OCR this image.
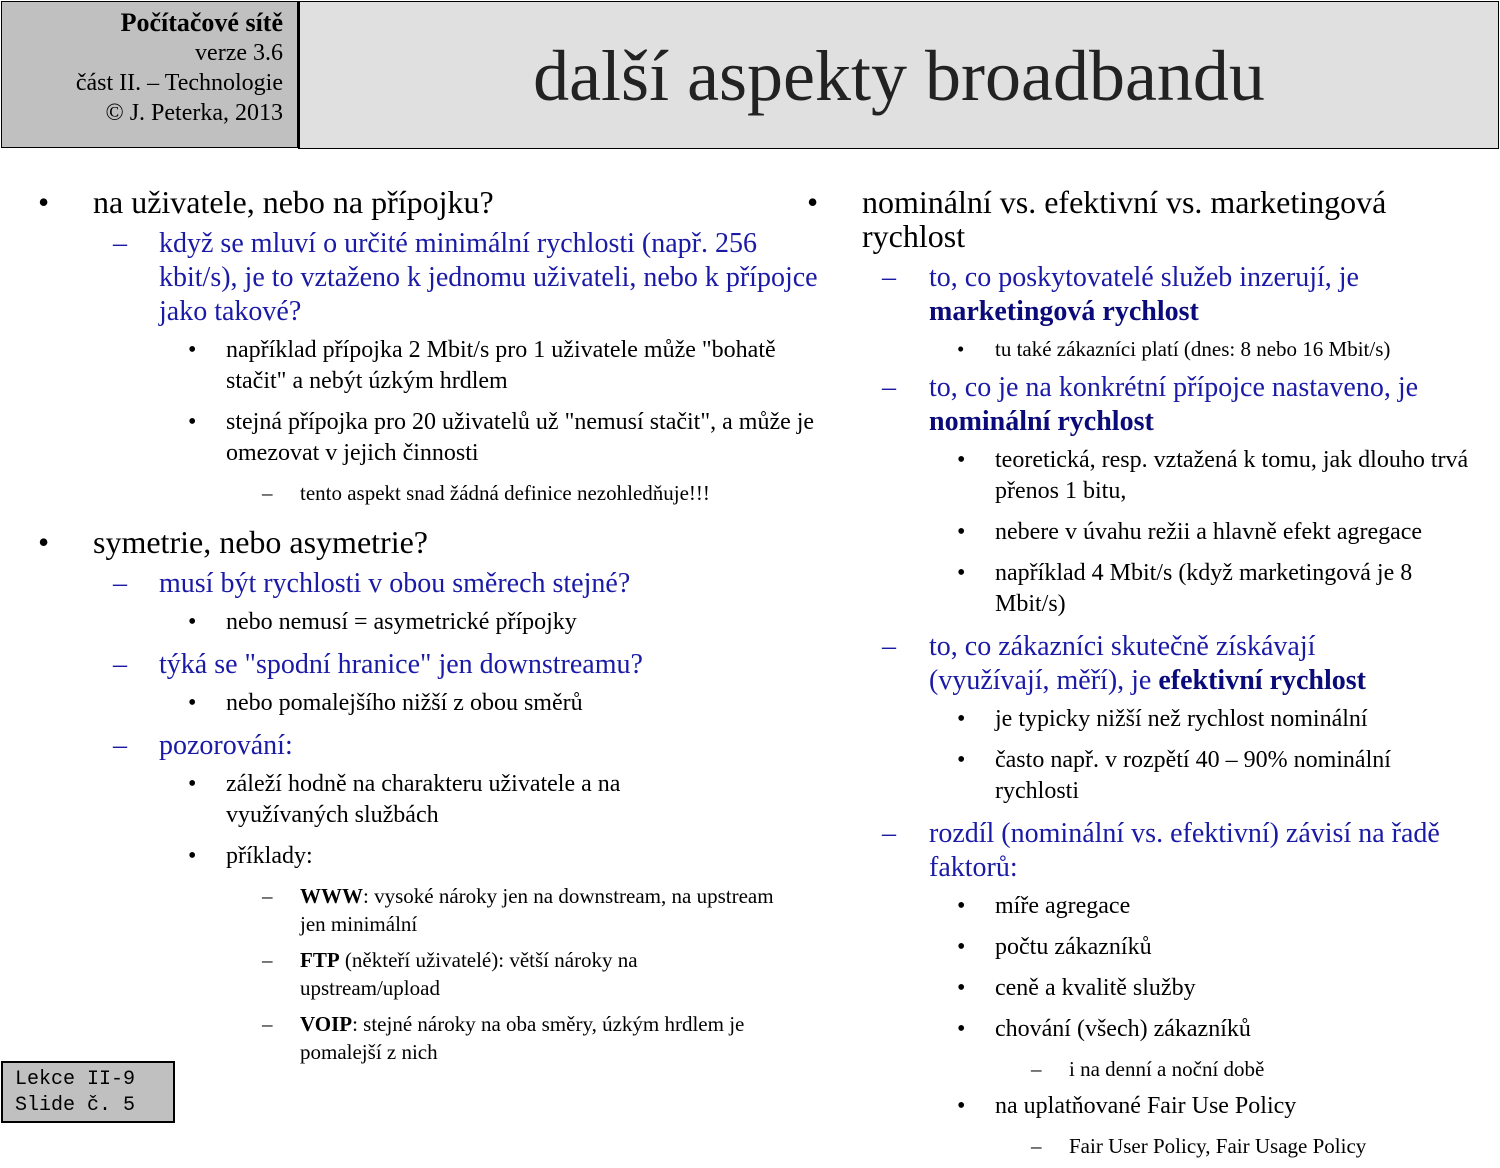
Počítačové sítě
verze 3.6
část II. – Technologie
© J. Peterka, 2013	další aspekty broadbandu
• na uživatele, nebo na přípojku?
– když se mluví o určité minimální rychlosti (např. 256 kbit/s), je to vztaženo k jednomu uživateli, nebo k přípojce jako takové?
• například přípojka 2 Mbit/s pro 1 uživatele může "bohatě stačit" a nebýt úzkým hrdlem
• stejná přípojka pro 20 uživatelů už "nemusí stačit", a může je omezovat v jejich činnosti
– tento aspekt snad žádná definice nezohledňuje!!!
• symetrie, nebo asymetrie?
– musí být rychlosti v obou směrech stejné?
• nebo nemusí = asymetrické přípojky
– týká se "spodní hranice" jen downstreamu?
• nebo pomalejšího nižší z obou směrů
– pozorování:
• záleží hodně na charakteru uživatele a na využívaných službách
• příklady:
– WWW: vysoké nároky jen na downstream, na upstream jen minimální
– FTP (někteří uživatelé): větší nároky na upstream/upload
– VOIP: stejné nároky na oba směry, úzkým hrdlem je pomalejší z nich
• nominální vs. efektivní vs. marketingová rychlost
– to, co poskytovatelé služeb inzerují, je marketingová rychlost
• tu také zákazníci platí (dnes: 8 nebo 16 Mbit/s)
– to, co je na konkrétní přípojce nastaveno, je nominální rychlost
• teoretická, resp. vztažená k tomu, jak dlouho trvá přenos 1 bitu,
• nebere v úvahu režii a hlavně efekt agregace
• například 4 Mbit/s (když marketingová je 8 Mbit/s)
– to, co zákazníci skutečně získávají (využívají, měří), je efektivní rychlost
• je typicky nižší než rychlost nominální
• často např. v rozpětí 40 – 90% nominální rychlosti
– rozdíl (nominální vs. efektivní) závisí na řadě faktorů:
• míře agregace
• počtu zákazníků
• ceně a kvalitě služby
• chování (všech) zákazníků
– i na denní a noční době
• na uplatňované Fair Use Policy
– Fair User Policy, Fair Usage Policy
Lekce II-9
Slide č. 5
